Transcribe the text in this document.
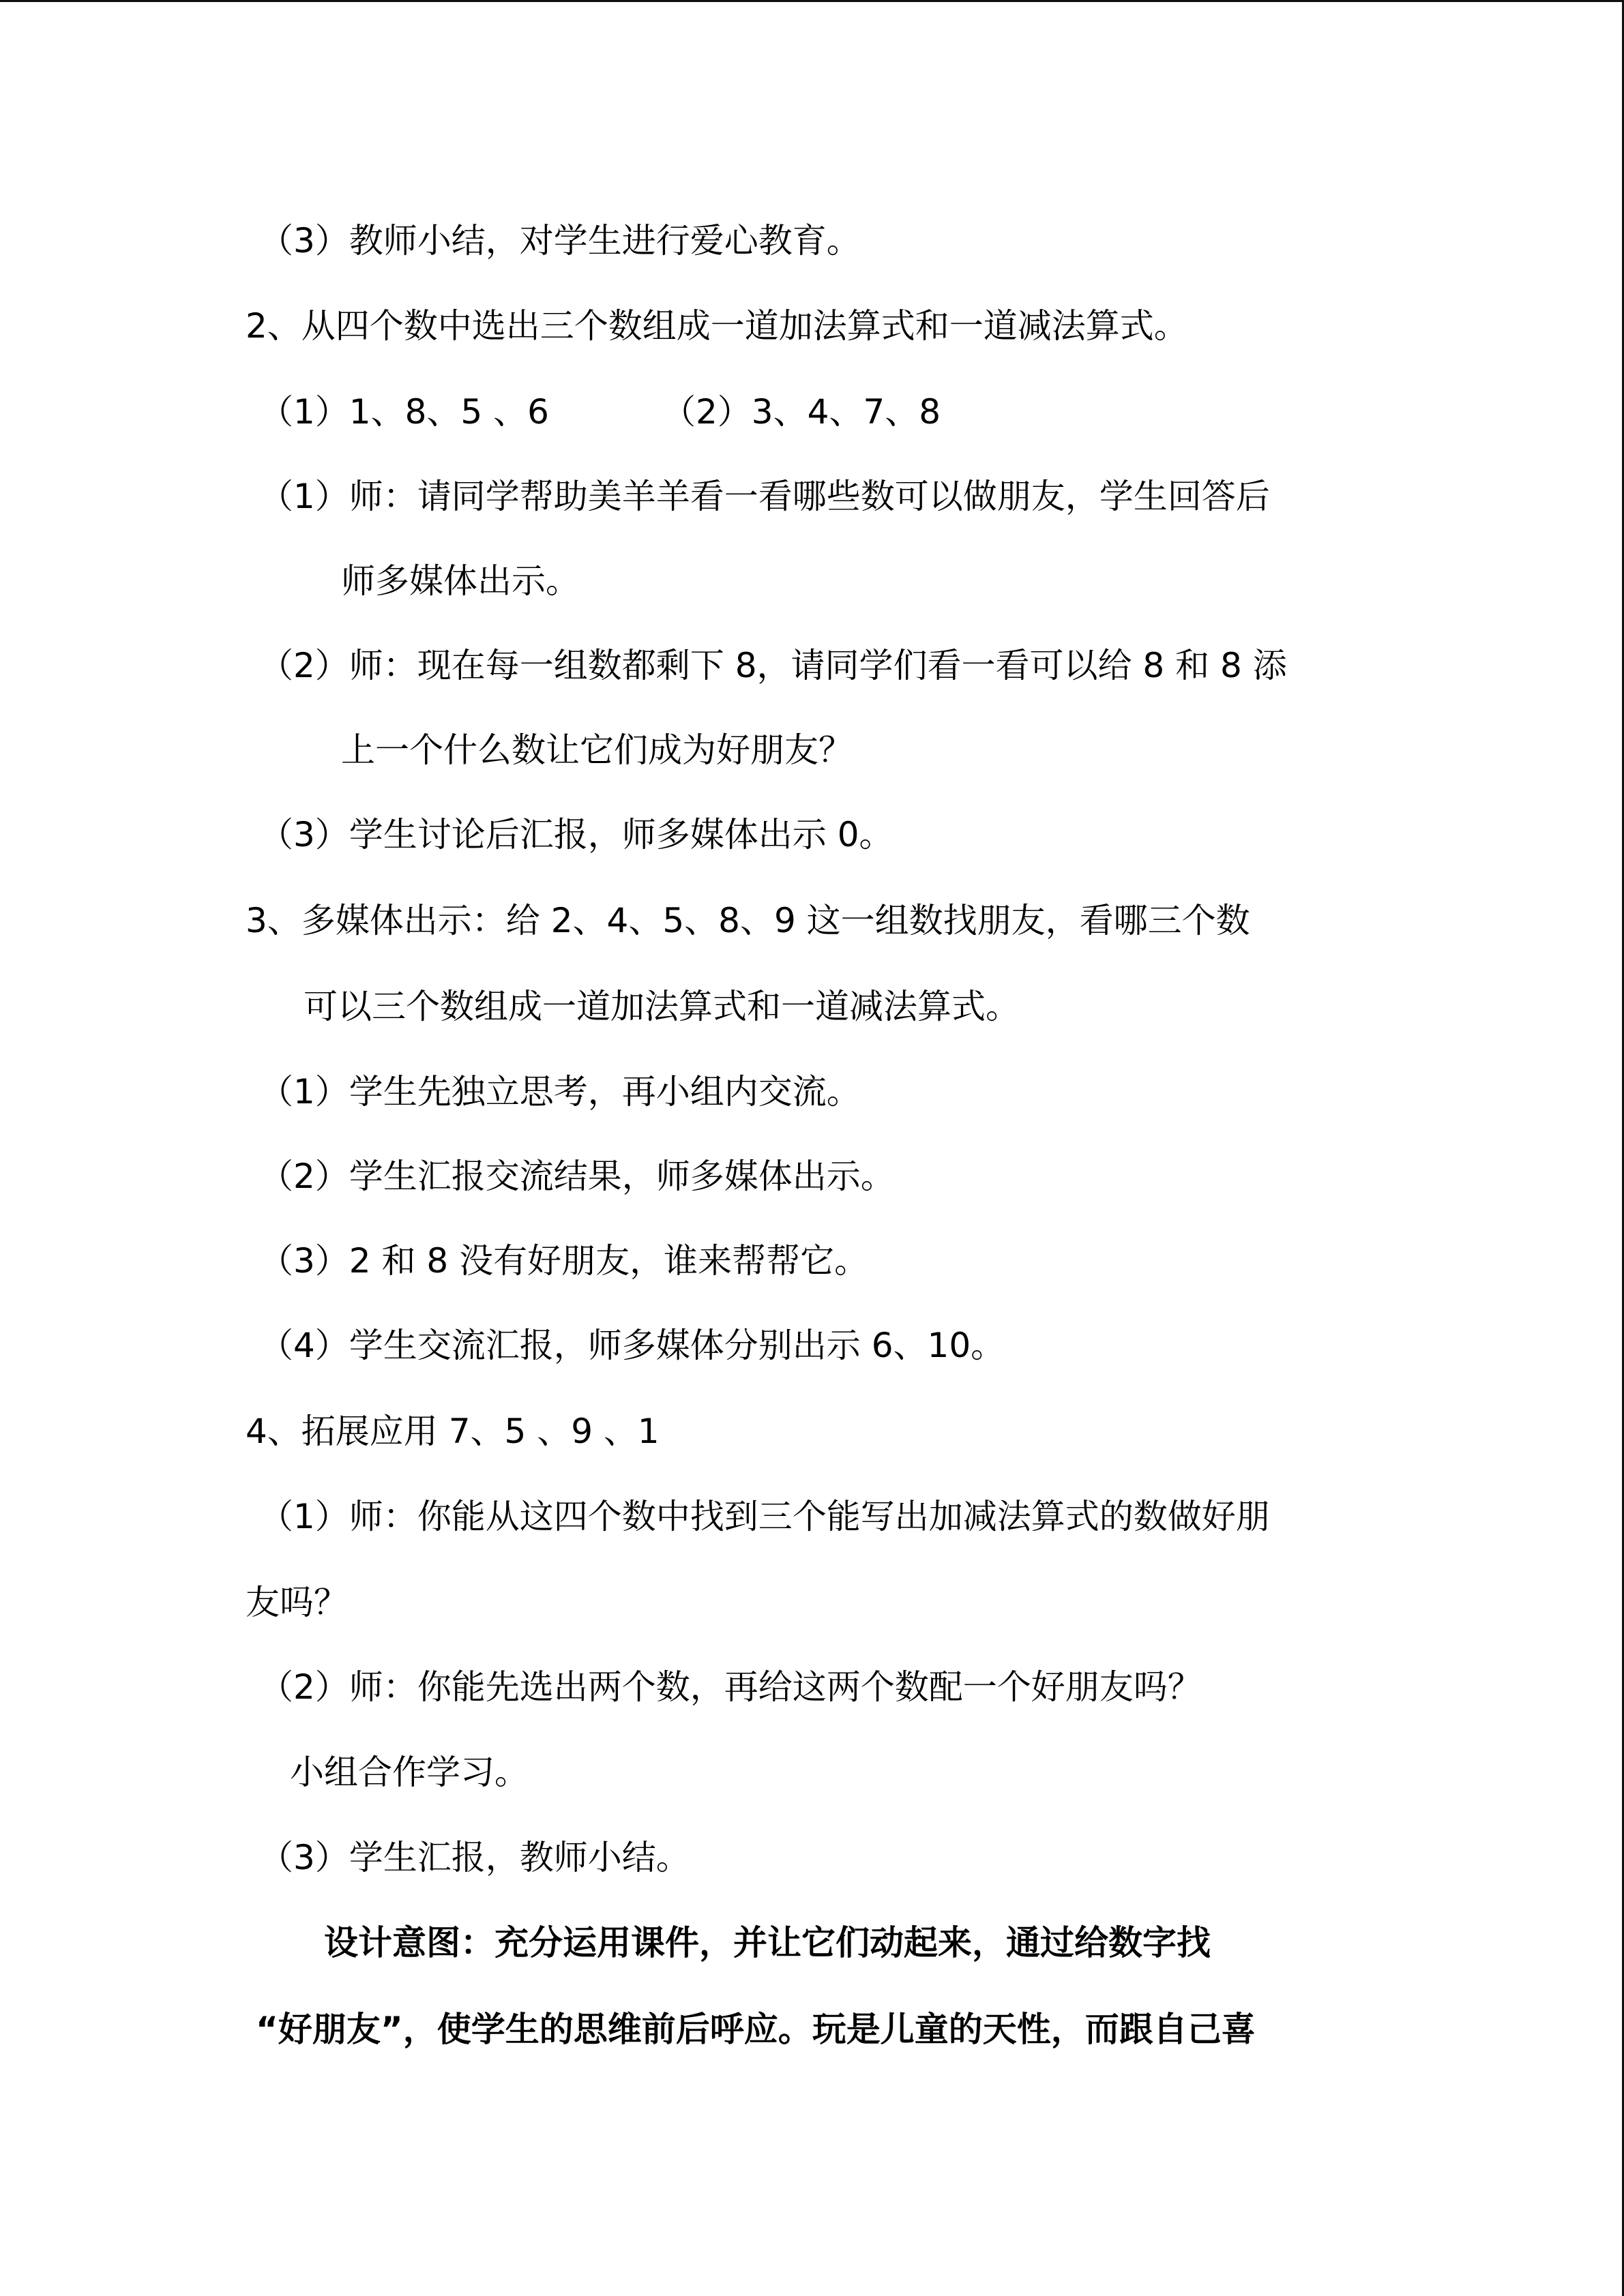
（3）教师小结，对学生进行爱心教育。
2、从四个数中选出三个数组成一道加法算式和一道减法算式。
（1）1、8、5 、6	（2）3、4、7、8
（1）师：请同学帮助美羊羊看一看哪些数可以做朋友，学生回答后
师多媒体出示。
（2）师：现在每一组数都剩下 8，请同学们看一看可以给 8 和 8 添
上一个什么数让它们成为好朋友？
（3）学生讨论后汇报，师多媒体出示 0。
3、多媒体出示：给 2、4、5、8、9 这一组数找朋友，看哪三个数
可以三个数组成一道加法算式和一道减法算式。
（1）学生先独立思考，再小组内交流。
（2）学生汇报交流结果，师多媒体出示。
（3）2 和 8 没有好朋友，谁来帮帮它。
（4）学生交流汇报，师多媒体分别出示 6、10。
4、拓展应用 7、5 、9 、1
（1）师：你能从这四个数中找到三个能写出加减法算式的数做好朋
友吗？
（2）师：你能先选出两个数，再给这两个数配一个好朋友吗？
小组合作学习。
（3）学生汇报，教师小结。
设计意图：充分运用课件，并让它们动起来，通过给数字找
“好朋友”，使学生的思维前后呼应。玩是儿童的天性，而跟自己喜
